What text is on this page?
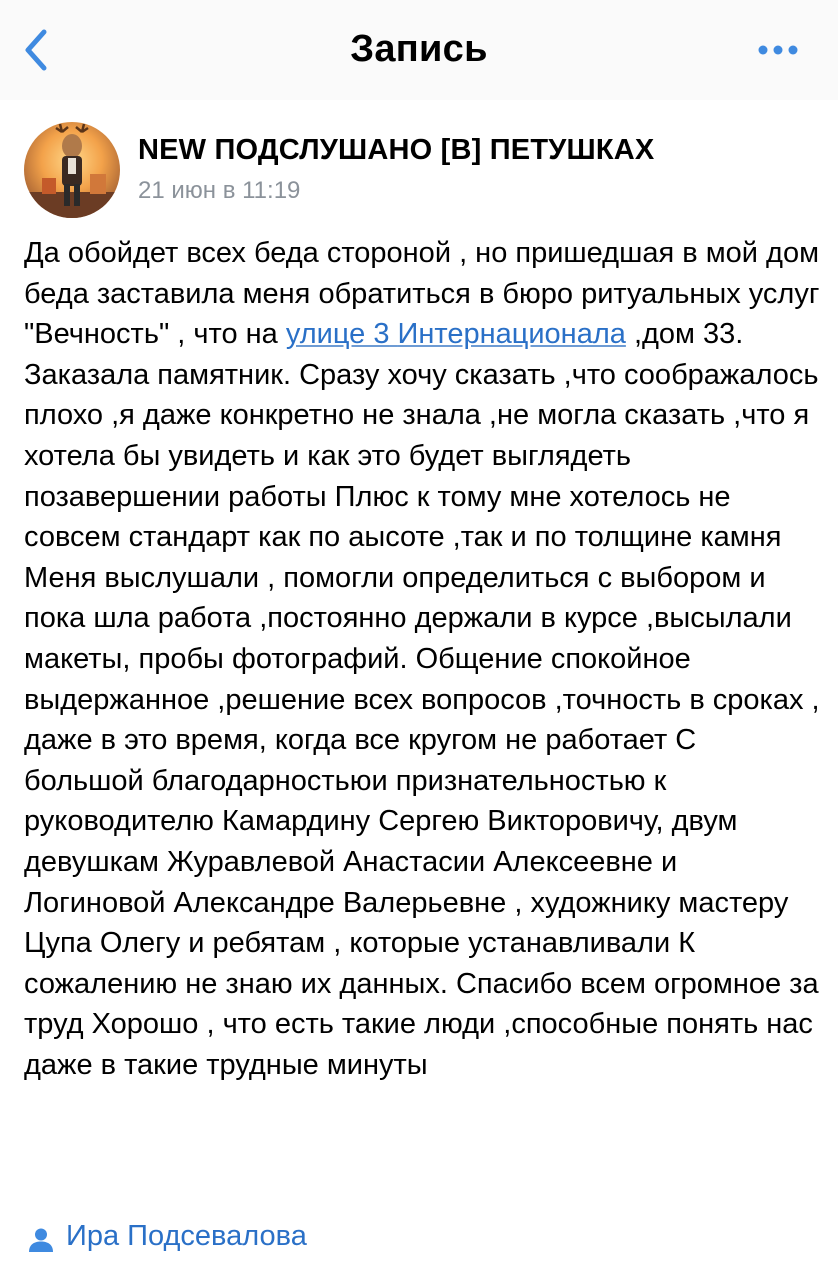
Запись
NEW ПОДСЛУШАНО [В] ПЕТУШКАХ
21 июн в 11:19
Да обойдет всех беда стороной , но пришедшая в мой дом беда заставила меня обратиться в бюро ритуальных услуг "Вечность" , что на улице 3 Интернационала ,дом 33. Заказала памятник. Сразу хочу сказать ,что соображалось плохо ,я даже конкретно не знала ,не могла сказать ,что я хотела бы увидеть и как это будет выглядеть позавершении работы Плюс к тому мне хотелось не совсем стандарт как по аысоте ,так и по толщине камня Меня выслушали , помогли определиться с выбором и пока шла работа ,постоянно держали в курсе ,высылали макеты, пробы фотографий. Общение спокойное выдержанное ,решение всех вопросов ,точность в сроках , даже в это время, когда все кругом не работает С большой благодарностьюи признательностью к руководителю Камардину Сергею Викторовичу, двум девушкам Журавлевой Анастасии Алексеевне и Логиновой Александре Валерьевне , художнику мастеру Цупа Олегу и ребятам , которые устанавливали К сожалению не знаю их данных. Спасибо всем огромное за труд Хорошо , что есть такие люди ,способные понять нас даже в такие трудные минуты
Ира Подсевалова
